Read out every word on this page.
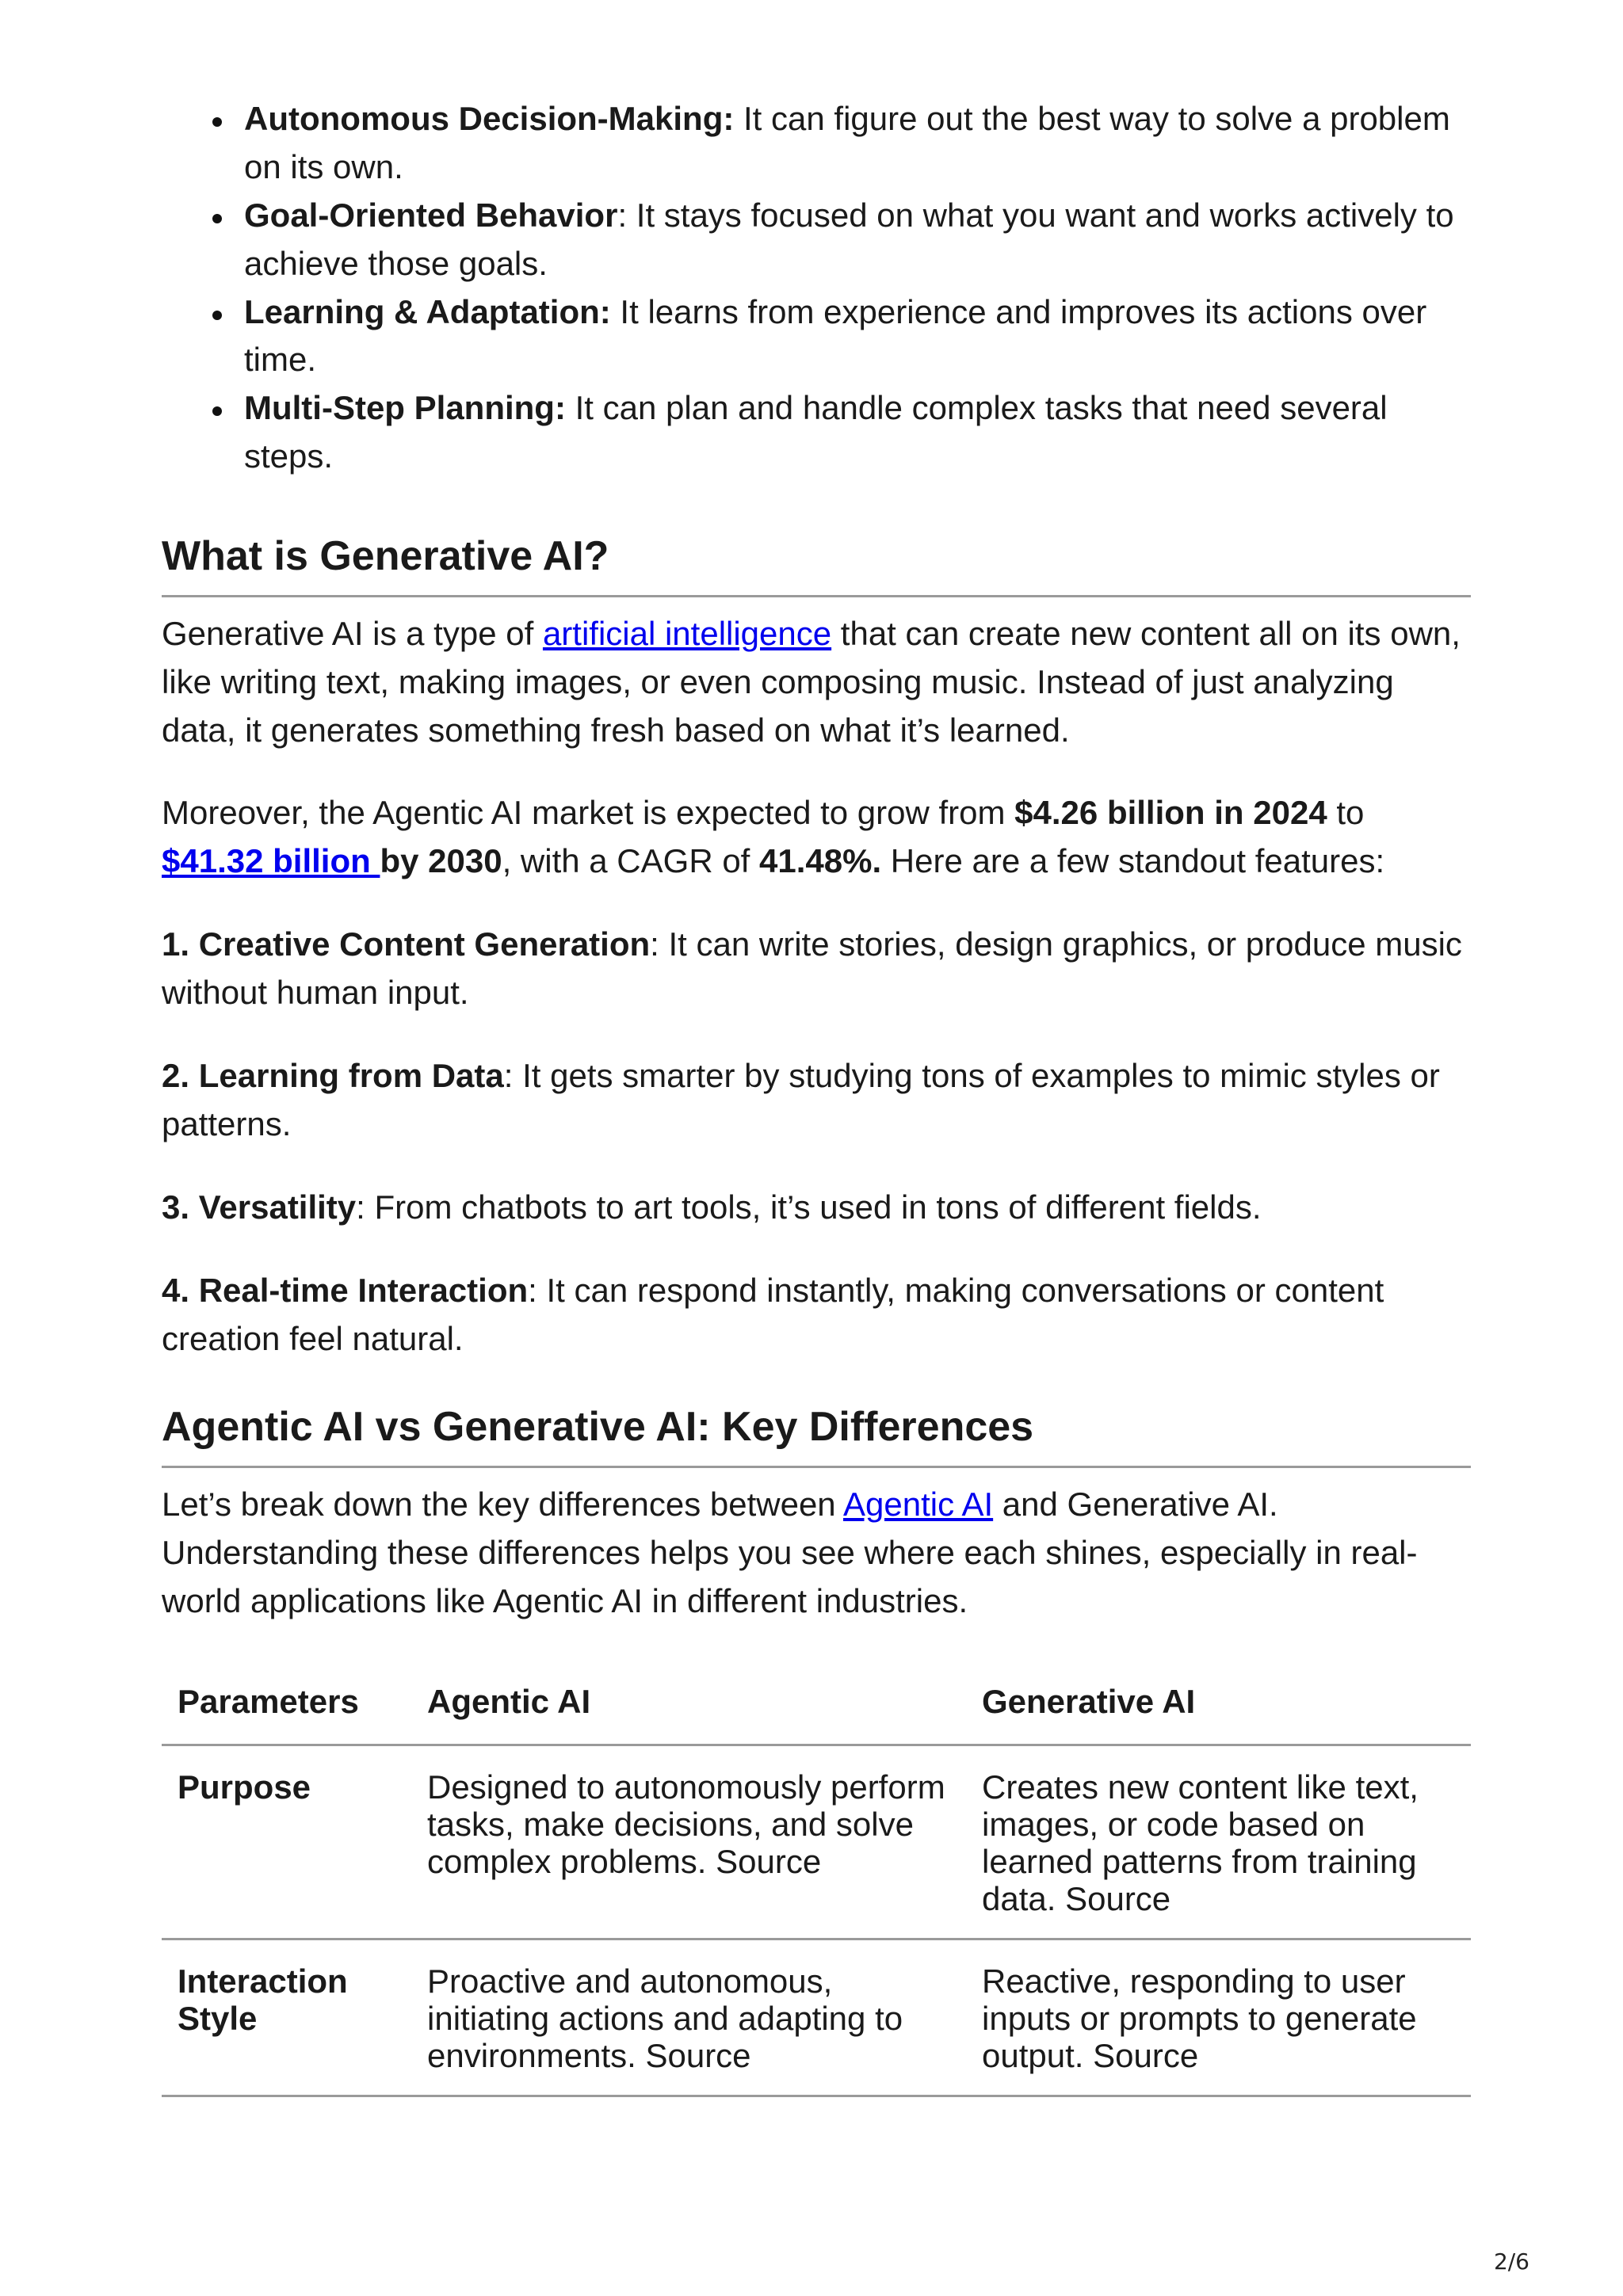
Autonomous Decision-Making: It can figure out the best way to solve a problem on its own.
Goal-Oriented Behavior: It stays focused on what you want and works actively to achieve those goals.
Learning & Adaptation: It learns from experience and improves its actions over time.
Multi-Step Planning: It can plan and handle complex tasks that need several steps.
What is Generative AI?

Generative AI is a type of artificial intelligence that can create new content all on its own, like writing text, making images, or even composing music. Instead of just analyzing data, it generates something fresh based on what it’s learned.

Moreover, the Agentic AI market is expected to grow from $4.26 billion in 2024 to $41.32 billion by 2030, with a CAGR of 41.48%. Here are a few standout features:

1. Creative Content Generation: It can write stories, design graphics, or produce music without human input.

2. Learning from Data: It gets smarter by studying tons of examples to mimic styles or patterns.

3. Versatility: From chatbots to art tools, it’s used in tons of different fields.

4. Real-time Interaction: It can respond instantly, making conversations or content creation feel natural.

Agentic AI vs Generative AI: Key Differences

Let’s break down the key differences between Agentic AI and Generative AI. Understanding these differences helps you see where each shines, especially in real-world applications like Agentic AI in different industries.

Parameters	Agentic AI	Generative AI
Purpose	Designed to autonomously perform tasks, make decisions, and solve complex problems. Source	Creates new content like text, images, or code based on learned patterns from training data. Source
Interaction Style	Proactive and autonomous, initiating actions and adapting to environments. Source	Reactive, responding to user inputs or prompts to generate output. Source
2/6
